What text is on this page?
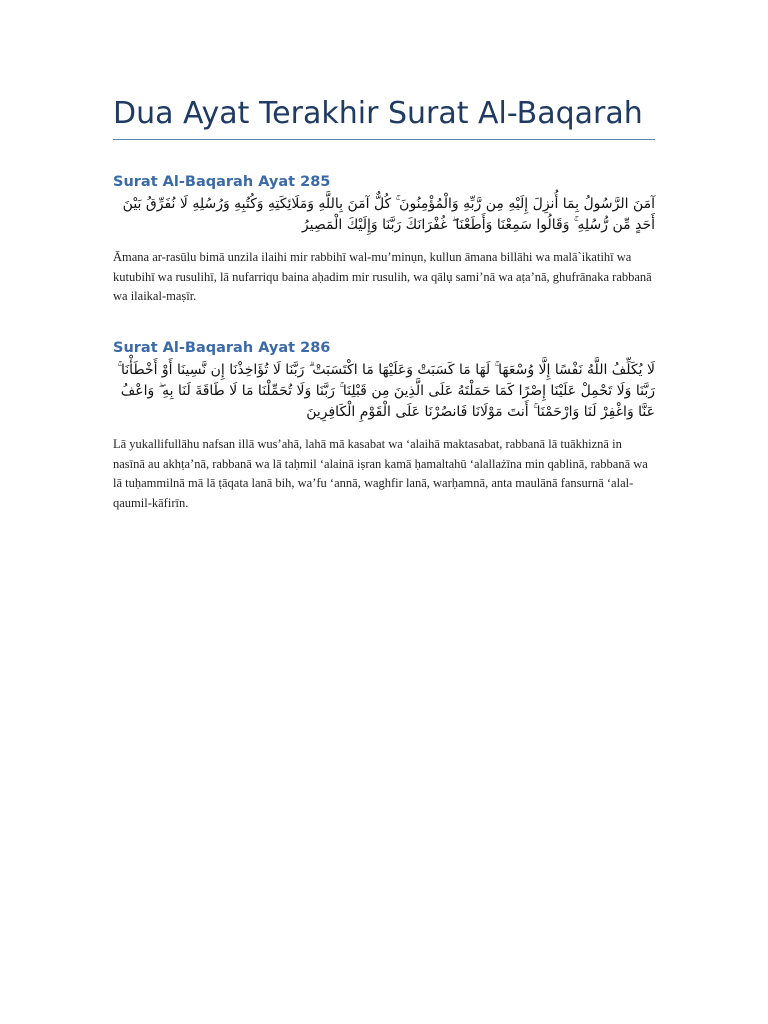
Dua Ayat Terakhir Surat Al-Baqarah
Surat Al-Baqarah Ayat 285

آمَنَ الرَّسُولُ بِمَا أُنزِلَ إِلَيْهِ مِن رَّبِّهِ وَالْمُؤْمِنُونَ ۚ كُلٌّ آمَنَ بِاللَّهِ وَمَلَائِكَتِهِ وَكُتُبِهِ وَرُسُلِهِ لَا نُفَرِّقُ بَيْنَ أَحَدٍ مِّن رُّسُلِهِ ۚ وَقَالُوا سَمِعْنَا وَأَطَعْنَا ۖ غُفْرَانَكَ رَبَّنَا وَإِلَيْكَ الْمَصِيرُ

Āmana ar-rasūlu bimā unzila ilaihi mir rabbihī wal-mu’minụn, kullun āmana billāhi wa malā`ikatihī wa kutubihī wa rusulihī, lā nufarriqu baina aḥadim mir rusulih, wa qālụ sami’nā wa aṭa’nā, ghufrānaka rabbanā wa ilaikal-maṣīr.

Surat Al-Baqarah Ayat 286

لَا يُكَلِّفُ اللَّهُ نَفْسًا إِلَّا وُسْعَهَا ۚ لَهَا مَا كَسَبَتْ وَعَلَيْهَا مَا اكْتَسَبَتْ ۗ رَبَّنَا لَا تُؤَاخِذْنَا إِن نَّسِينَا أَوْ أَخْطَأْنَا ۚ رَبَّنَا وَلَا تَحْمِلْ عَلَيْنَا إِصْرًا كَمَا حَمَلْتَهُ عَلَى الَّذِينَ مِن قَبْلِنَا ۚ رَبَّنَا وَلَا تُحَمِّلْنَا مَا لَا طَاقَةَ لَنَا بِهِ ۖ وَاعْفُ عَنَّا وَاغْفِرْ لَنَا وَارْحَمْنَا ۚ أَنتَ مَوْلَانَا فَانصُرْنَا عَلَى الْقَوْمِ الْكَافِرِينَ

Lā yukallifullāhu nafsan illā wus’ahā, lahā mā kasabat wa ‘alaihā maktasabat, rabbanā lā tuākhiznā in nasīnā au akhṭa’nā, rabbanā wa lā taḥmil ‘alainā iṣran kamā ḥamaltahū ‘alallażīna min qablinā, rabbanā wa lā tuḥammilnā mā lā ṭāqata lanā bih, wa’fu ‘annā, waghfir lanā, warḥamnā, anta maulānā fansurnā ‘alal-qaumil-kāfirīn.
